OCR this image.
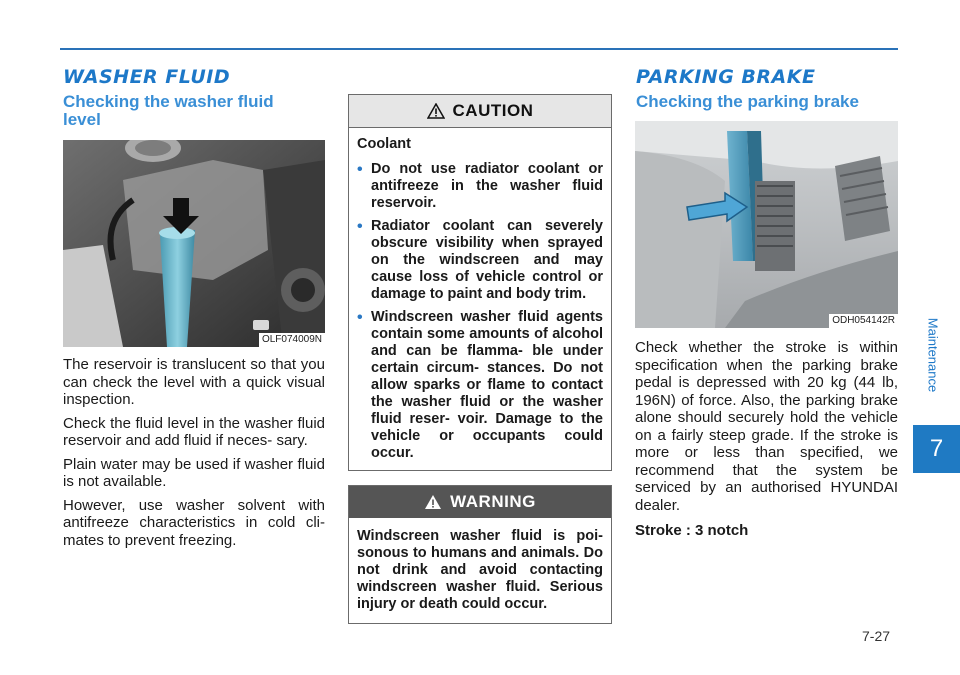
WASHER FLUID
Checking the washer fluid level
OLF074009N

The reservoir is translucent so that you can check the level with a quick visual inspection.

Check the fluid level in the washer fluid reservoir and add fluid if neces- sary.

Plain water may be used if washer fluid is not available.

However, use washer solvent with antifreeze characteristics in cold cli- mates to prevent freezing.

CAUTION
Coolant
• Do not use radiator coolant or antifreeze in the washer fluid reservoir.
• Radiator coolant can severely obscure visibility when sprayed on the windscreen and may cause loss of vehicle control or damage to paint and body trim.
• Windscreen washer fluid agents contain some amounts of alcohol and can be flamma- ble under certain circum- stances. Do not allow sparks or flame to contact the washer fluid or the washer fluid reser- voir. Damage to the vehicle or occupants could occur.
WARNING
Windscreen washer fluid is poi- sonous to humans and animals. Do not drink and avoid contacting windscreen washer fluid. Serious injury or death could occur.
PARKING BRAKE
Checking the parking brake
ODH054142R

Check whether the stroke is within specification when the parking brake pedal is depressed with 20 kg (44 lb, 196N) of force. Also, the parking brake alone should securely hold the vehicle on a fairly steep grade. If the stroke is more or less than specified, we recommend that the system be serviced by an authorised HYUNDAI dealer.

Stroke : 3 notch
Maintenance
7
7-27
